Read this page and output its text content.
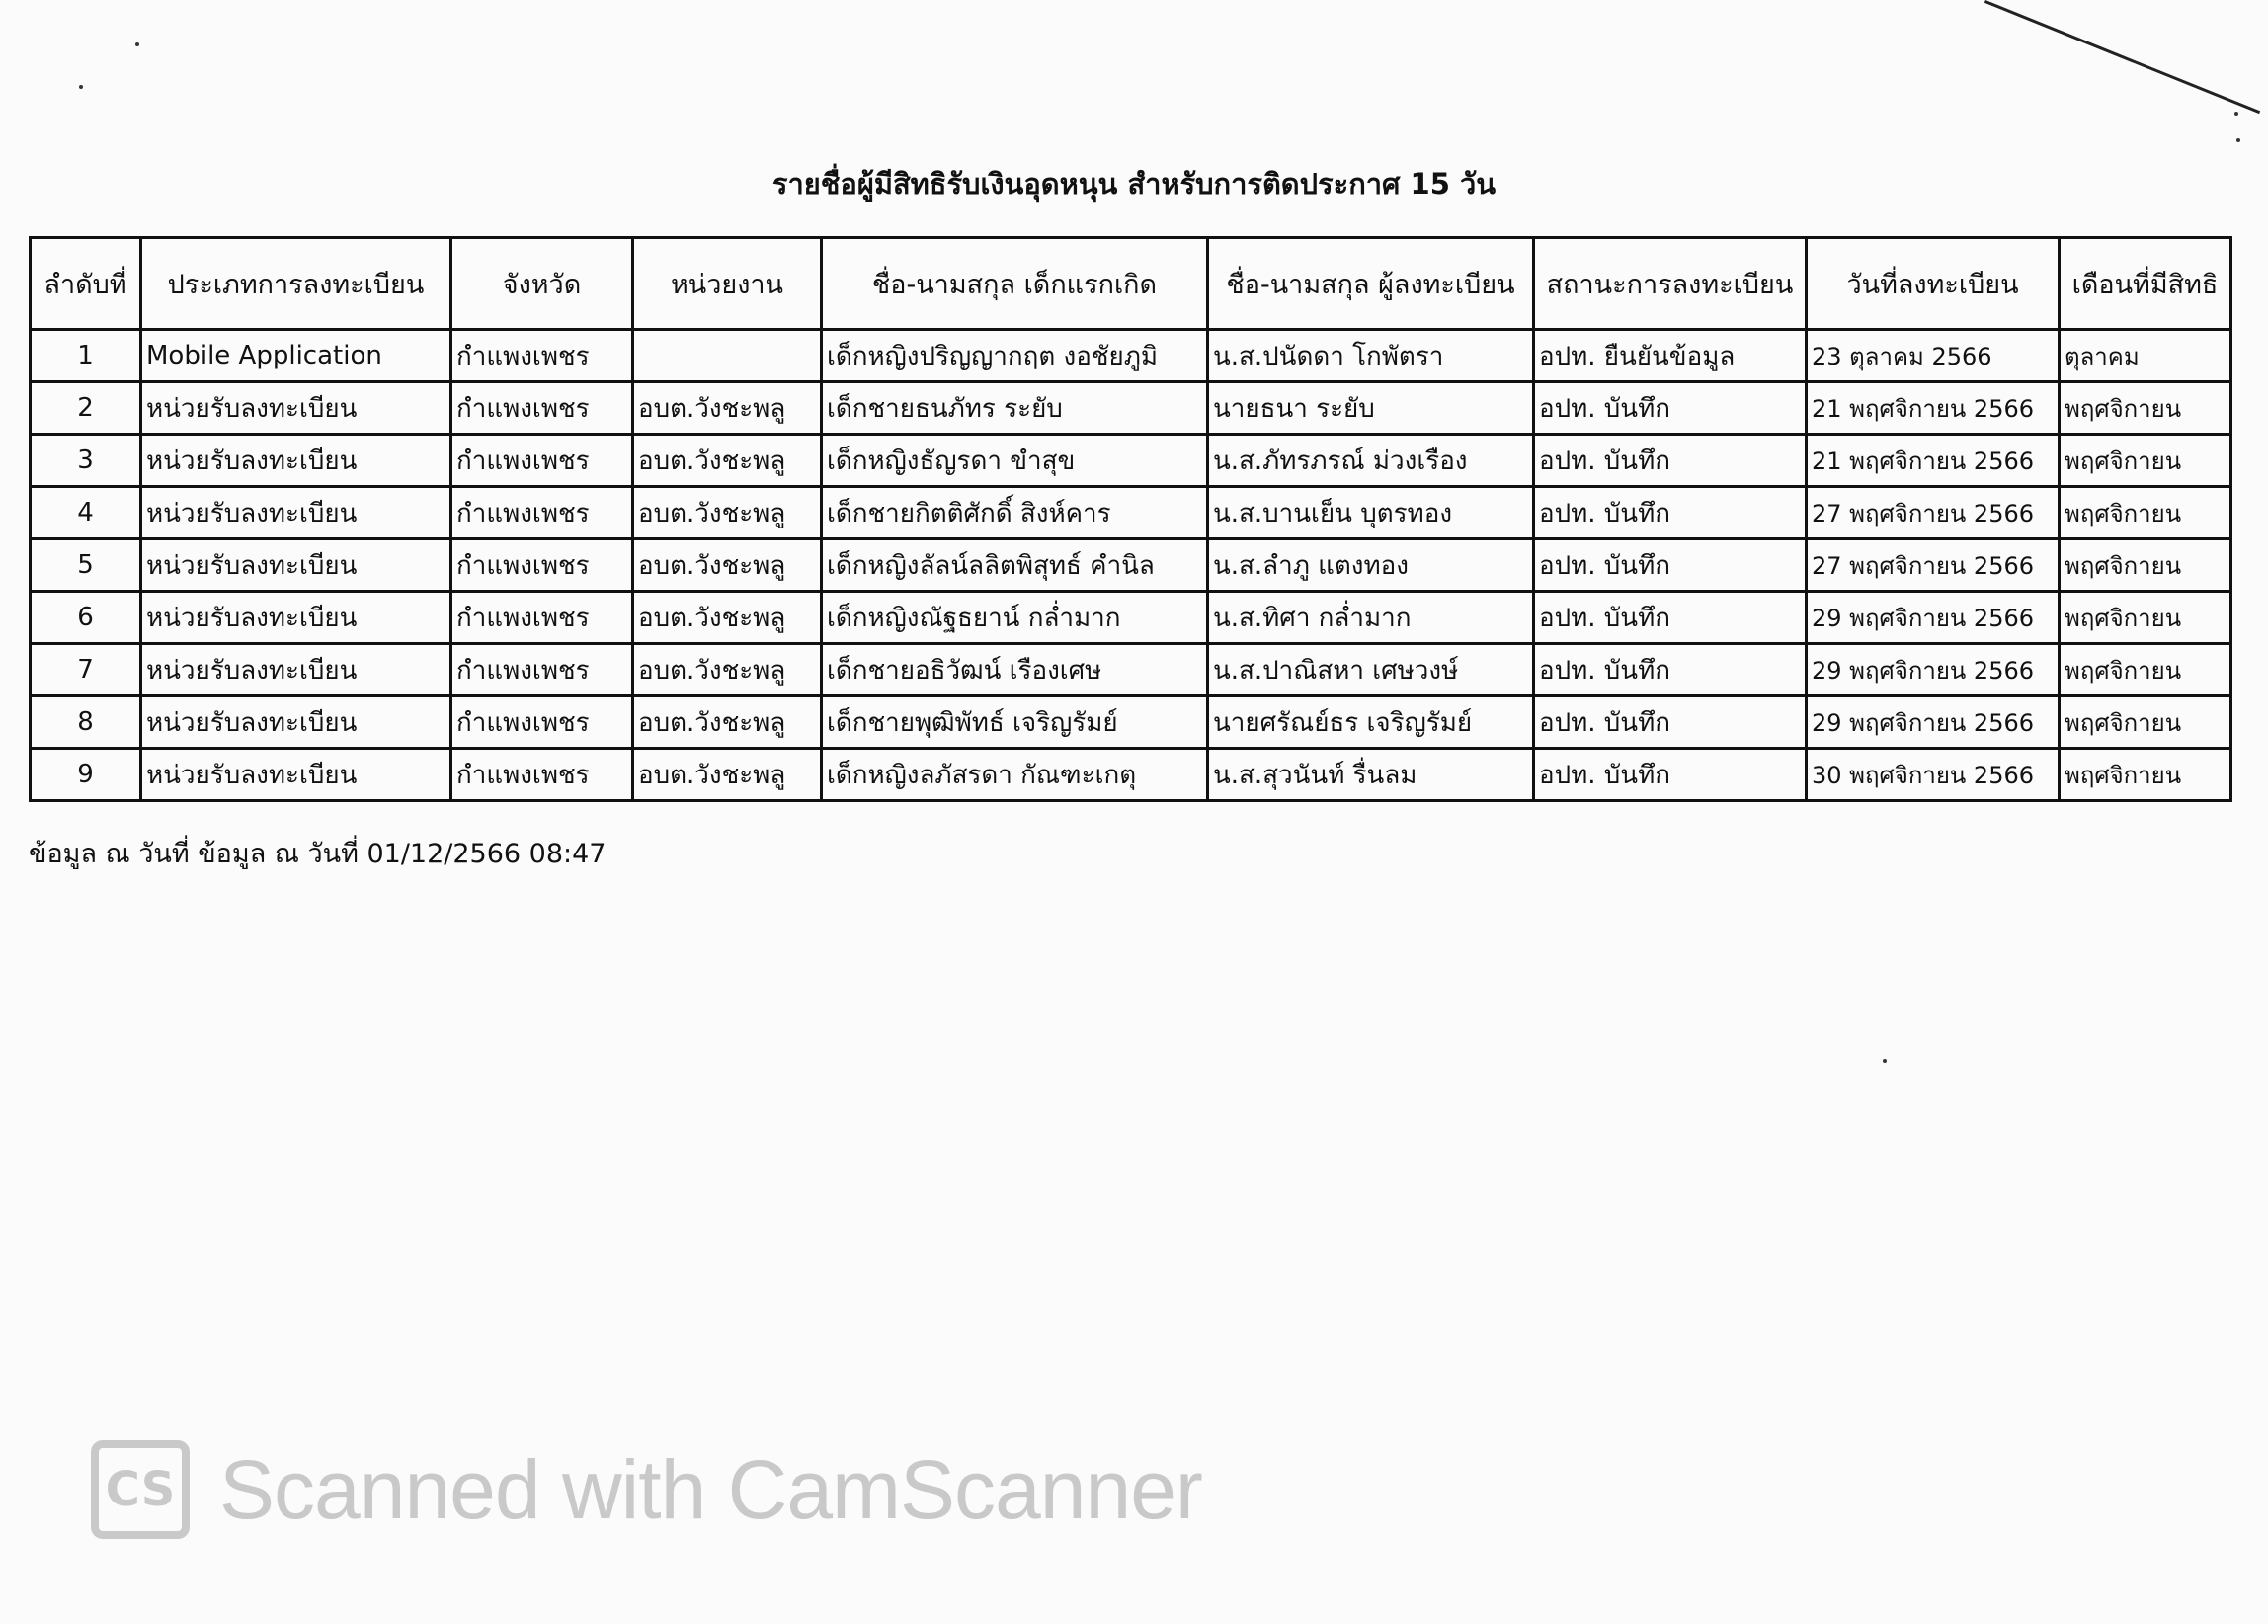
รายชื่อผู้มีสิทธิรับเงินอุดหนุน สำหรับการติดประกาศ 15 วัน
ลำดับที่	ประเภทการลงทะเบียน	จังหวัด	หน่วยงาน	ชื่อ-นามสกุล เด็กแรกเกิด	ชื่อ-นามสกุล ผู้ลงทะเบียน	สถานะการลงทะเบียน	วันที่ลงทะเบียน	เดือนที่มีสิทธิ
1	Mobile Application	กำแพงเพชร		เด็กหญิงปริญญากฤต งอชัยภูมิ	น.ส.ปนัดดา โกพัตรา	อปท. ยืนยันข้อมูล	23 ตุลาคม 2566	ตุลาคม
2	หน่วยรับลงทะเบียน	กำแพงเพชร	อบต.วังชะพลู	เด็กชายธนภัทร ระยับ	นายธนา ระยับ	อปท. บันทึก	21 พฤศจิกายน 2566	พฤศจิกายน
3	หน่วยรับลงทะเบียน	กำแพงเพชร	อบต.วังชะพลู	เด็กหญิงธัญรดา ขำสุข	น.ส.ภัทรภรณ์ ม่วงเรือง	อปท. บันทึก	21 พฤศจิกายน 2566	พฤศจิกายน
4	หน่วยรับลงทะเบียน	กำแพงเพชร	อบต.วังชะพลู	เด็กชายกิตติศักดิ์ สิงห์คาร	น.ส.บานเย็น บุตรทอง	อปท. บันทึก	27 พฤศจิกายน 2566	พฤศจิกายน
5	หน่วยรับลงทะเบียน	กำแพงเพชร	อบต.วังชะพลู	เด็กหญิงลัลน์ลลิตพิสุทธ์ คำนิล	น.ส.ลำภู แตงทอง	อปท. บันทึก	27 พฤศจิกายน 2566	พฤศจิกายน
6	หน่วยรับลงทะเบียน	กำแพงเพชร	อบต.วังชะพลู	เด็กหญิงณัฐธยาน์ กล่ำมาก	น.ส.ทิศา กล่ำมาก	อปท. บันทึก	29 พฤศจิกายน 2566	พฤศจิกายน
7	หน่วยรับลงทะเบียน	กำแพงเพชร	อบต.วังชะพลู	เด็กชายอธิวัฒน์ เรืองเศษ	น.ส.ปาณิสหา เศษวงษ์	อปท. บันทึก	29 พฤศจิกายน 2566	พฤศจิกายน
8	หน่วยรับลงทะเบียน	กำแพงเพชร	อบต.วังชะพลู	เด็กชายพุฒิพัทธ์ เจริญรัมย์	นายศรัณย์ธร เจริญรัมย์	อปท. บันทึก	29 พฤศจิกายน 2566	พฤศจิกายน
9	หน่วยรับลงทะเบียน	กำแพงเพชร	อบต.วังชะพลู	เด็กหญิงลภัสรดา กัณฑะเกตุ	น.ส.สุวนันท์ รื่นลม	อปท. บันทึก	30 พฤศจิกายน 2566	พฤศจิกายน

ข้อมูล ณ วันที่ ข้อมูล ณ วันที่ 01/12/2566 08:47

CS Scanned with CamScanner
